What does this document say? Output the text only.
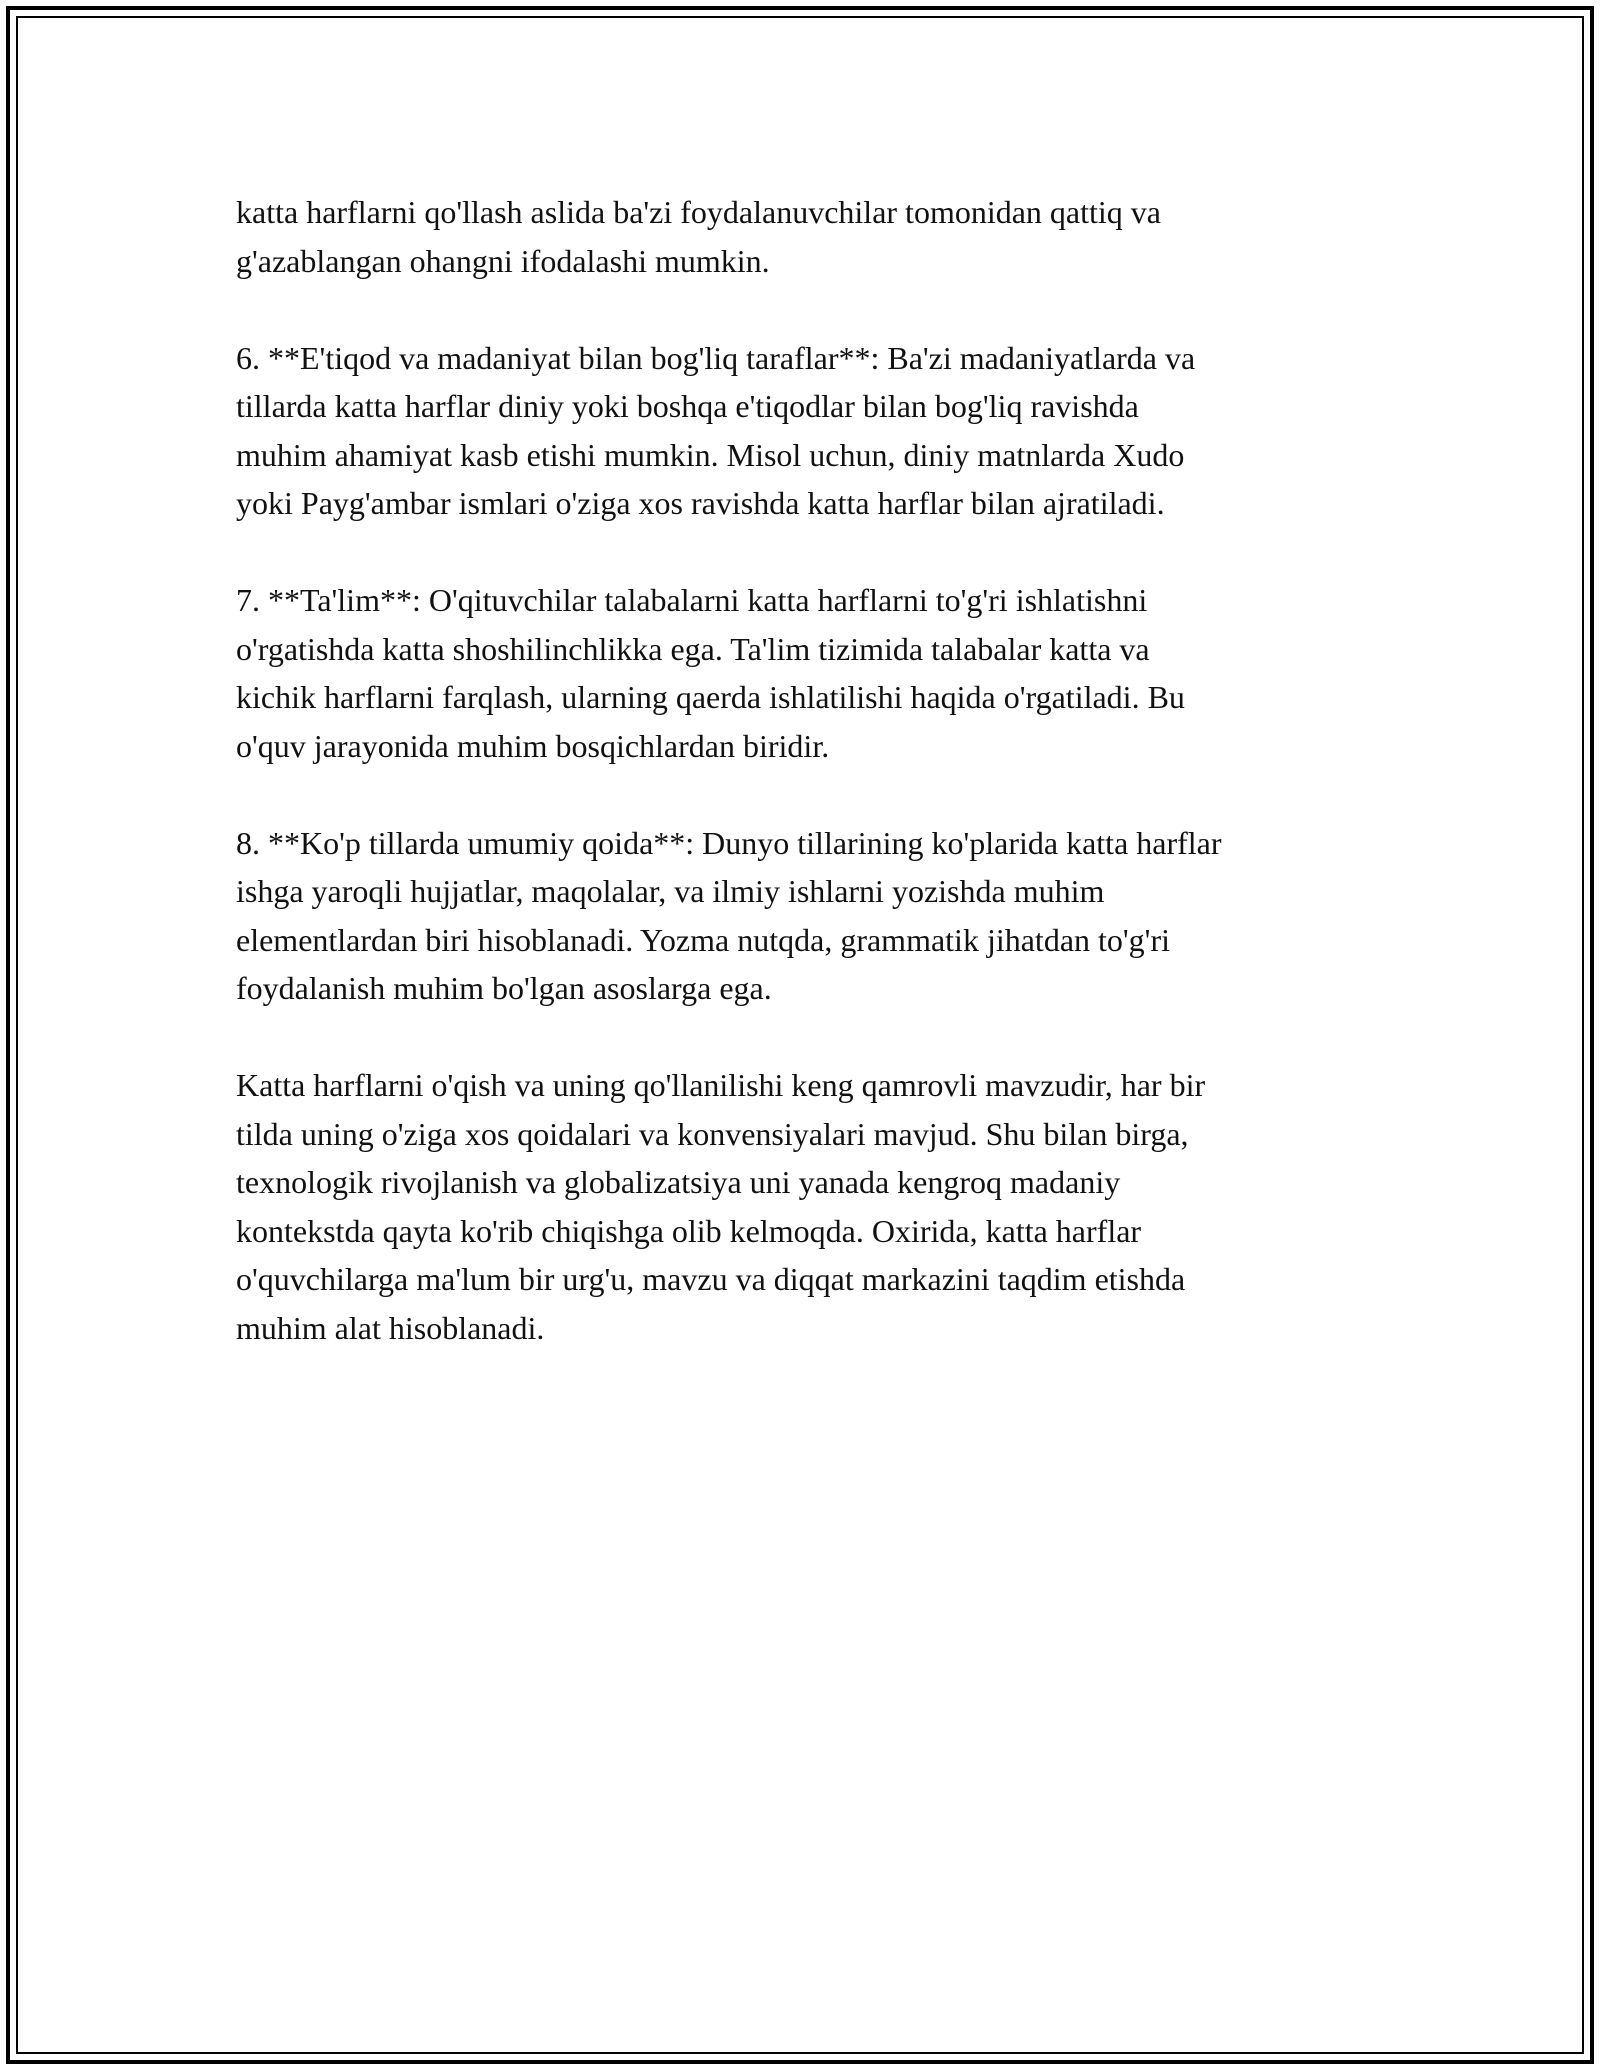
katta harflarni qo'llash aslida ba'zi foydalanuvchilar tomonidan qattiq va
g'azablangan ohangni ifodalashi mumkin.

6. **E'tiqod va madaniyat bilan bog'liq taraflar**: Ba'zi madaniyatlarda va
tillarda katta harflar diniy yoki boshqa e'tiqodlar bilan bog'liq ravishda
muhim ahamiyat kasb etishi mumkin. Misol uchun, diniy matnlarda Xudo
yoki Payg'ambar ismlari o'ziga xos ravishda katta harflar bilan ajratiladi.

7. **Ta'lim**: O'qituvchilar talabalarni katta harflarni to'g'ri ishlatishni
o'rgatishda katta shoshilinchlikka ega. Ta'lim tizimida talabalar katta va
kichik harflarni farqlash, ularning qaerda ishlatilishi haqida o'rgatiladi. Bu
o'quv jarayonida muhim bosqichlardan biridir.

8. **Ko'p tillarda umumiy qoida**: Dunyo tillarining ko'plarida katta harflar
ishga yaroqli hujjatlar, maqolalar, va ilmiy ishlarni yozishda muhim
elementlardan biri hisoblanadi. Yozma nutqda, grammatik jihatdan to'g'ri
foydalanish muhim bo'lgan asoslarga ega.

Katta harflarni o'qish va uning qo'llanilishi keng qamrovli mavzudir, har bir
tilda uning o'ziga xos qoidalari va konvensiyalari mavjud. Shu bilan birga,
texnologik rivojlanish va globalizatsiya uni yanada kengroq madaniy
kontekstda qayta ko'rib chiqishga olib kelmoqda. Oxirida, katta harflar
o'quvchilarga ma'lum bir urg'u, mavzu va diqqat markazini taqdim etishda
muhim alat hisoblanadi.
